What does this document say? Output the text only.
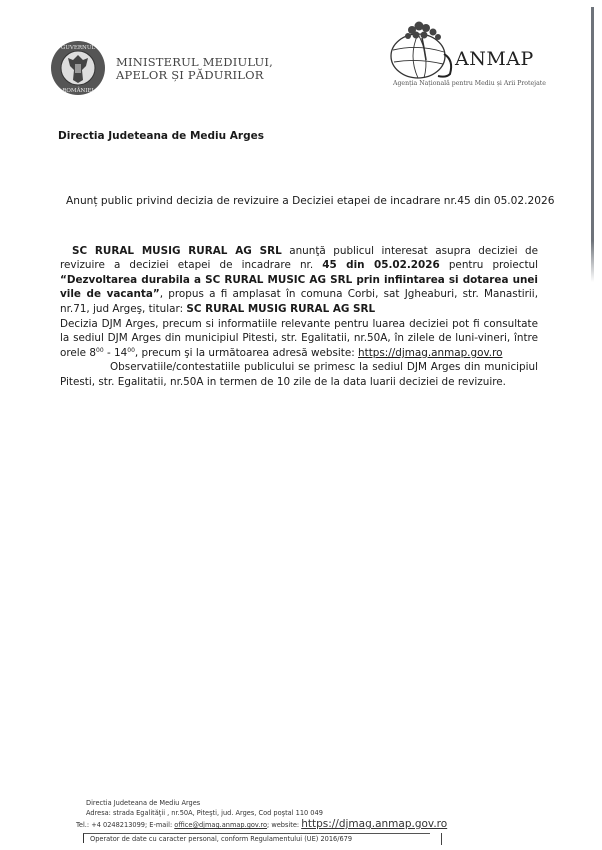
GUVERNUL
ROMÂNIEI
MINISTERUL MEDIULUI,
APELOR ȘI PĂDURILOR
ANMAP
Agenția Națională pentru Mediu și Arii Protejate
Directia Judeteana de Mediu Arges
Anunț public privind decizia de revizuire a Deciziei etapei de incadrare nr.45 din 05.02.2026

SC RURAL MUSIG RURAL AG SRL anunţă publicul interesat asupra deciziei de revizuire a deciziei etapei de incadrare nr. 45 din 05.02.2026 pentru proiectul “Dezvoltarea durabila a SC RURAL MUSIC AG SRL prin infiintarea si dotarea unei vile de vacanta”, propus a fi amplasat în comuna Corbi, sat Jgheaburi, str. Manastirii, nr.71, jud Argeş, titular: SC RURAL MUSIG RURAL AG SRL

Decizia DJM Arges, precum si informatiile relevante pentru luarea deciziei pot fi consultate la sediul DJM Arges din municipiul Pitesti, str. Egalitatii, nr.50A, în zilele de luni-vineri, între orele $8^{00} - 14^{00}$, precum şi la următoarea adresă website: https://djmag.anmap.gov.ro

Observatiile/contestatiile publicului se primesc la sediul DJM Arges din municipiul Pitesti, str. Egalitatii, nr.50A in termen de 10 zile de la data luarii deciziei de revizuire.

Directia Judeteana de Mediu Arges
Adresa: strada Egalităţii , nr.50A, Piteşti, jud. Arges, Cod poştal 110 049
Tel.: +4 0248213099; E-mail: office@djmag.anmap.gov.ro; website: https://djmag.anmap.gov.ro
Operator de date cu caracter personal, conform Regulamentului (UE) 2016/679
